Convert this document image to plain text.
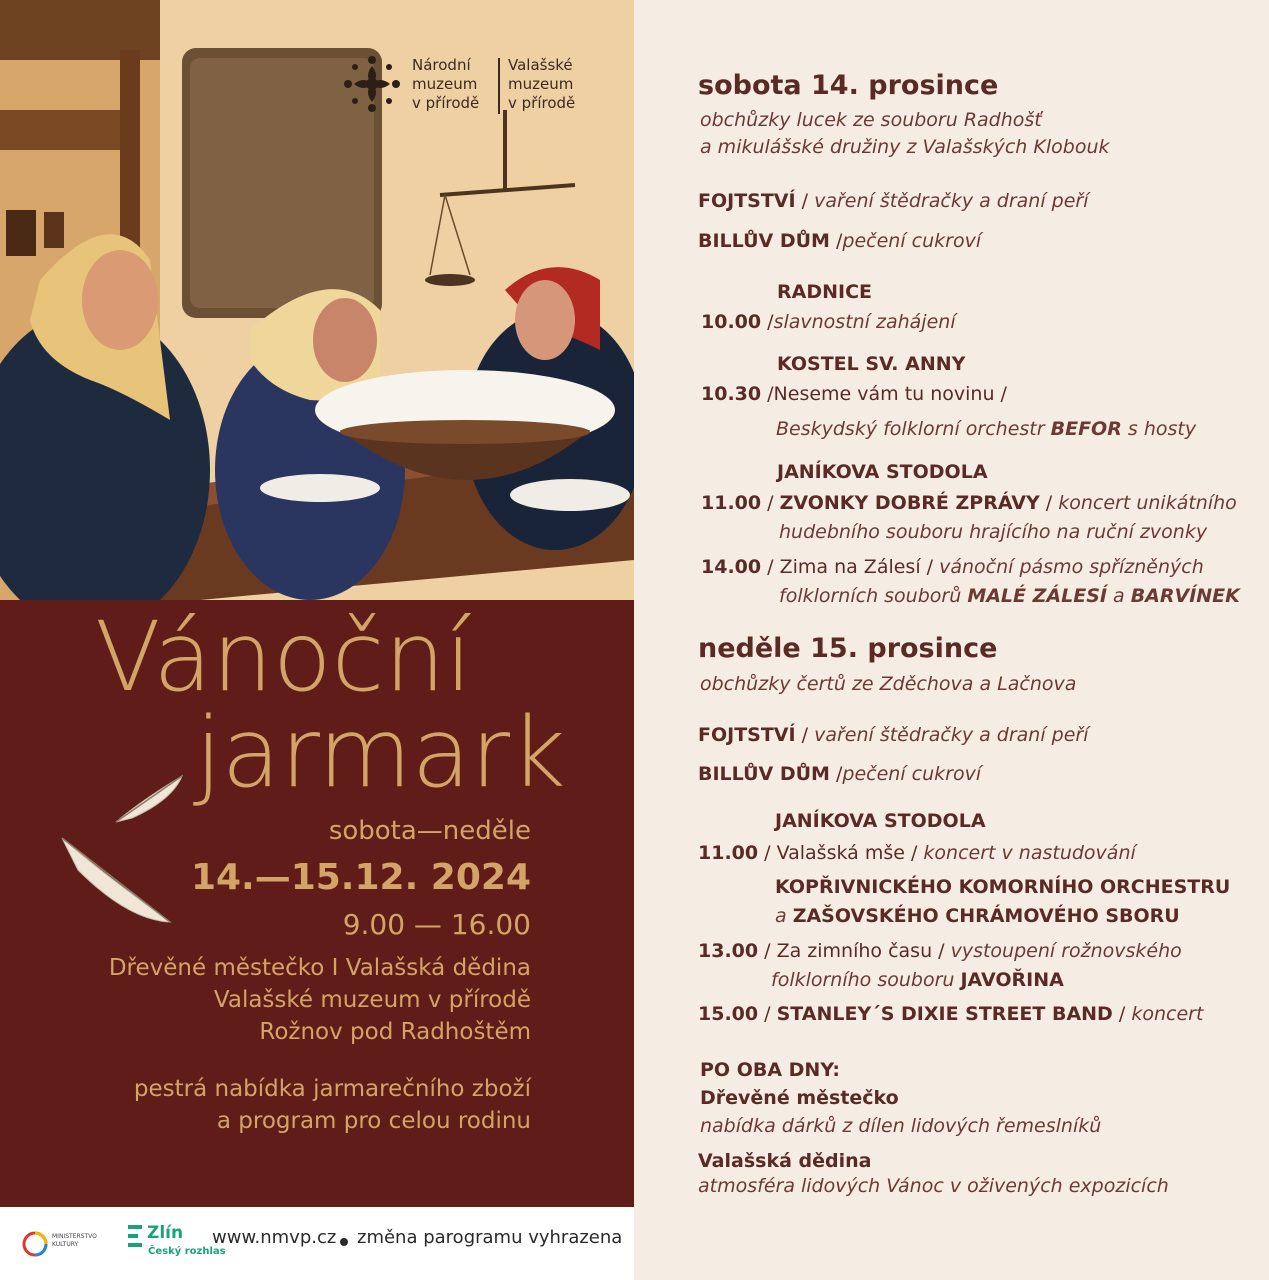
Národní
muzeum
v přírodě
Valašské
muzeum
v přírodě
Vánoční
jarmark
sobota—neděle
14.—15.12. 2024
9.00 — 16.00
Dřevěné městečko I Valašská dědina
Valašské muzeum v přírodě
Rožnov pod Radhoštěm
pestrá nabídka jarmarečního zboží
a program pro celou rodinu
MINISTERSTVO
KULTURY
Zlín
Český rozhlas
www.nmvp.cz změna parogramu vyhrazena
sobota 14. prosince
obchůzky lucek ze souboru Radhošť
a mikulášské družiny z Valašských Klobouk
FOJTSTVÍ / vaření štědračky a draní peří
BILLŮV DŮM /pečení cukroví
RADNICE
10.00 /slavnostní zahájení
KOSTEL SV. ANNY
10.30 /Neseme vám tu novinu /
Beskydský folklorní orchestr BEFOR s hosty
JANÍKOVA STODOLA
11.00 / ZVONKY DOBRÉ ZPRÁVY / koncert unikátního
hudebního souboru hrajícího na ruční zvonky
14.00 / Zima na Zálesí / vánoční pásmo spřízněných
folklorních souborů MALÉ ZÁLESÍ a BARVÍNEK
neděle 15. prosince
obchůzky čertů ze Zděchova a Lačnova
FOJTSTVÍ / vaření štědračky a draní peří
BILLŮV DŮM /pečení cukroví
JANÍKOVA STODOLA
11.00 / Valašská mše / koncert v nastudování
KOPŘIVNICKÉHO KOMORNÍHO ORCHESTRU
a ZAŠOVSKÉHO CHRÁMOVÉHO SBORU
13.00 / Za zimního času / vystoupení rožnovského
folklorního souboru JAVOŘINA
15.00 / STANLEY´S DIXIE STREET BAND / koncert
PO OBA DNY:
Dřevěné městečko
nabídka dárků z dílen lidových řemeslníků
Valašská dědina
atmosféra lidových Vánoc v oživených expozicích
